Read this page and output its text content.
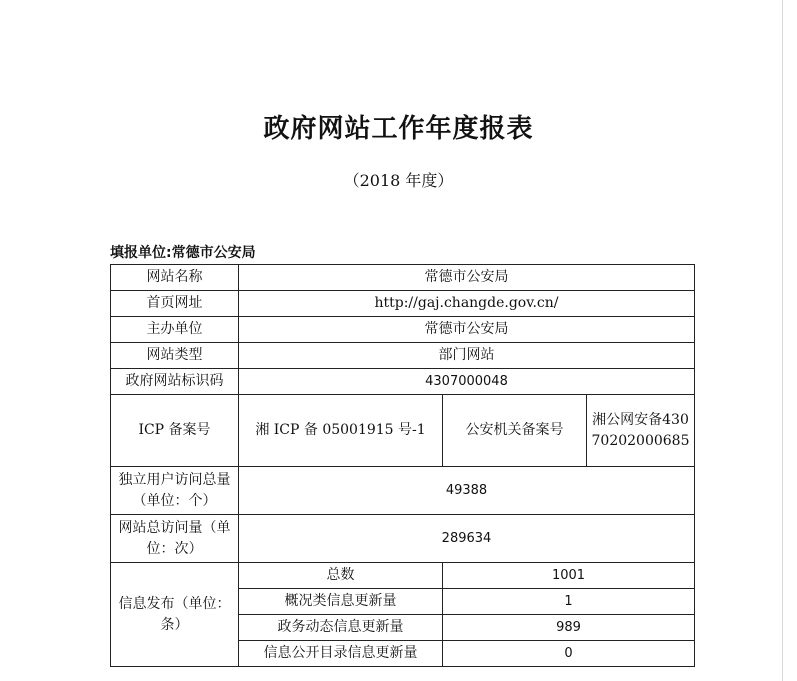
政府网站工作年度报表
（2018 年度）
填报单位:常德市公安局
网站名称	常德市公安局		
首页网址	http://gaj.changde.gov.cn/		
主办单位	常德市公安局		
网站类型	部门网站		
政府网站标识码	4307000048		
ICP 备案号	湘 ICP 备 05001915 号-1	公安机关备案号	湘公网安备43070202000685
独立用户访问总量（单位：个）	49388		
网站总访问量（单位：次）	289634		
信息发布（单位：条）	总数	1001	
	概况类信息更新量	1	
	政务动态信息更新量	989	
	信息公开目录信息更新量	0	
